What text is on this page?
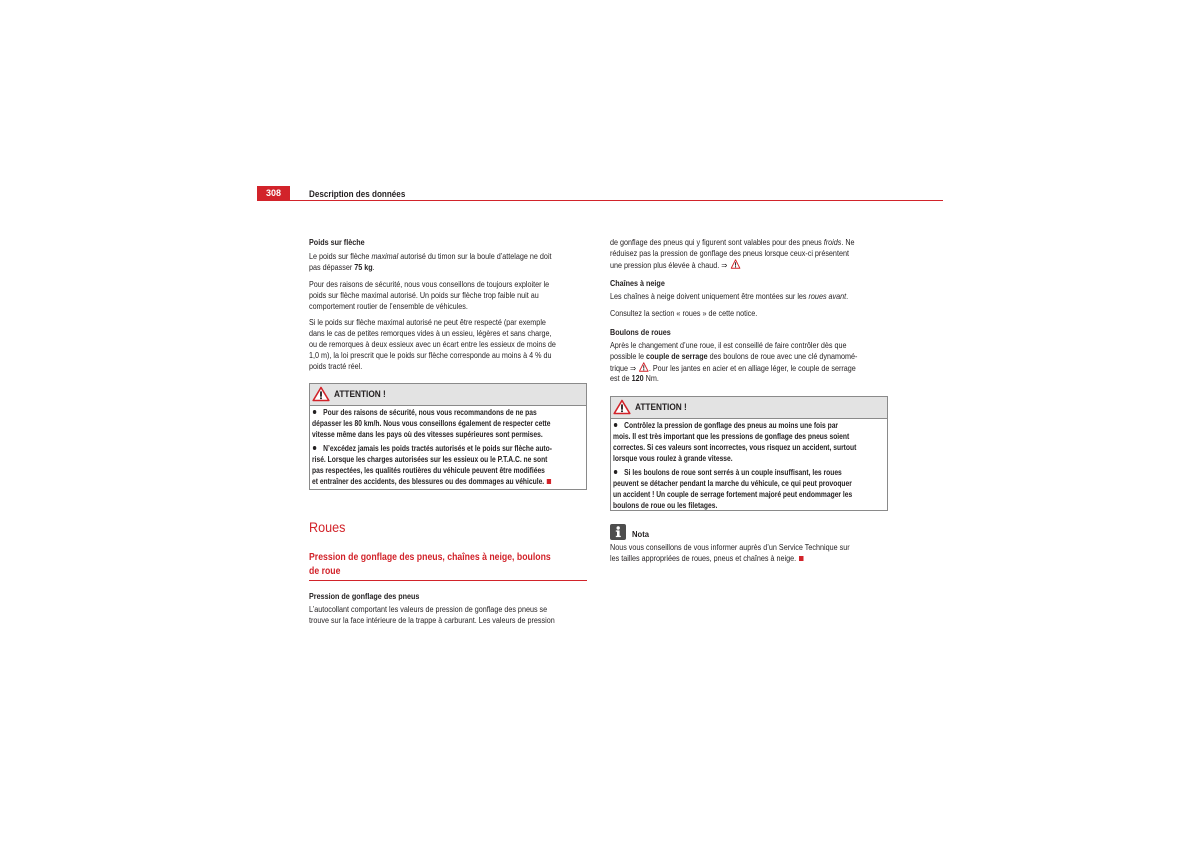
308	Description des données
Poids sur flèche
Le poids sur flèche maximal autorisé du timon sur la boule d’attelage ne doit
pas dépasser 75 kg.
Pour des raisons de sécurité, nous vous conseillons de toujours exploiter le
poids sur flèche maximal autorisé. Un poids sur flèche trop faible nuit au
comportement routier de l’ensemble de véhicules.
Si le poids sur flèche maximal autorisé ne peut être respecté (par exemple
dans le cas de petites remorques vides à un essieu, légères et sans charge,
ou de remorques à deux essieux avec un écart entre les essieux de moins de
1,0 m), la loi prescrit que le poids sur flèche corresponde au moins à 4 % du
poids tracté réel.
ATTENTION !
Pour des raisons de sécurité, nous vous recommandons de ne pas
dépasser les 80 km/h. Nous vous conseillons également de respecter cette
vitesse même dans les pays où des vitesses supérieures sont permises.
N’excédez jamais les poids tractés autorisés et le poids sur flèche auto-
risé. Lorsque les charges autorisées sur les essieux ou le P.T.A.C. ne sont
pas respectées, les qualités routières du véhicule peuvent être modifiées
et entraîner des accidents, des blessures ou des dommages au véhicule.
Roues
Pression de gonflage des pneus, chaînes à neige, boulons
de roue
Pression de gonflage des pneus
L’autocollant comportant les valeurs de pression de gonflage des pneus se
trouve sur la face intérieure de la trappe à carburant. Les valeurs de pression
de gonflage des pneus qui y figurent sont valables pour des pneus froids. Ne
réduisez pas la pression de gonflage des pneus lorsque ceux-ci présentent
une pression plus élevée à chaud. ⇒
Chaînes à neige
Les chaînes à neige doivent uniquement être montées sur les roues avant.
Consultez la section « roues » de cette notice.
Boulons de roues
Après le changement d’une roue, il est conseillé de faire contrôler dès que
possible le couple de serrage des boulons de roue avec une clé dynamomé-
trique ⇒ . Pour les jantes en acier et en alliage léger, le couple de serrage
est de 120 Nm.
ATTENTION !
Contrôlez la pression de gonflage des pneus au moins une fois par
mois. Il est très important que les pressions de gonflage des pneus soient
correctes. Si ces valeurs sont incorrectes, vous risquez un accident, surtout
lorsque vous roulez à grande vitesse.
Si les boulons de roue sont serrés à un couple insuffisant, les roues
peuvent se détacher pendant la marche du véhicule, ce qui peut provoquer
un accident ! Un couple de serrage fortement majoré peut endommager les
boulons de roue ou les filetages.
Nota
Nous vous conseillons de vous informer auprès d’un Service Technique sur
les tailles appropriées de roues, pneus et chaînes à neige.
